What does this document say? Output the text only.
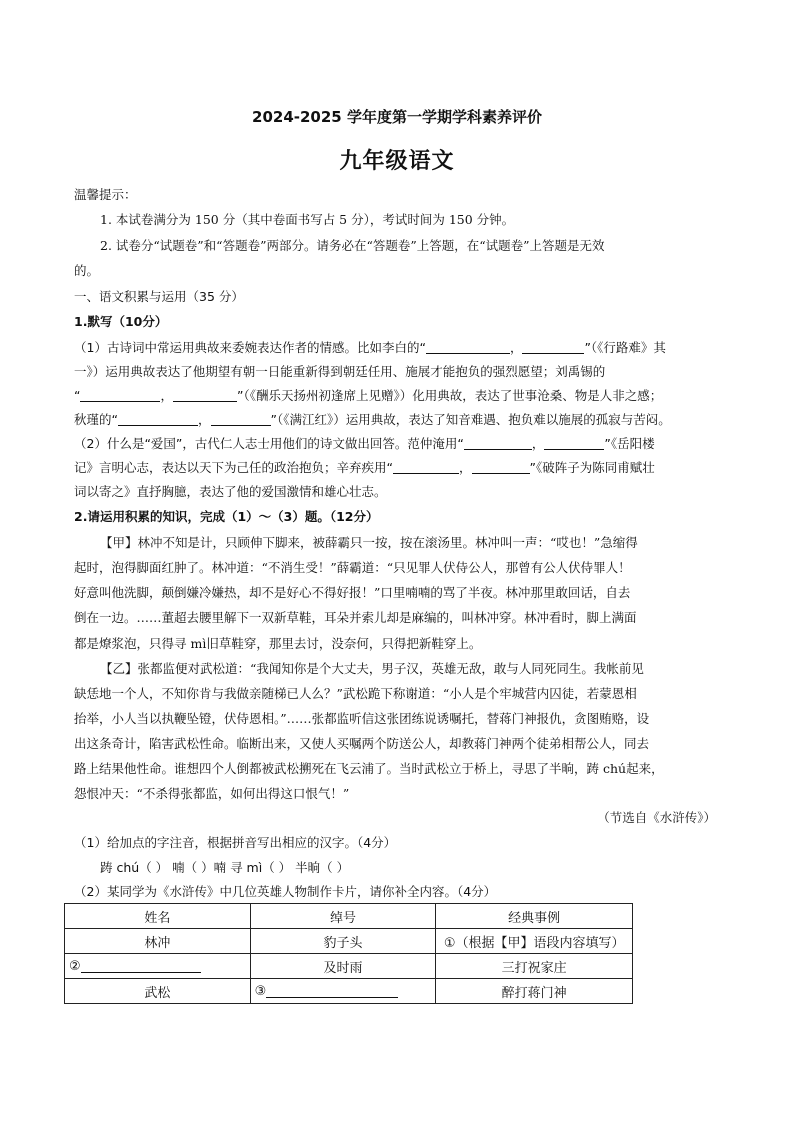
2024-2025 学年度第一学期学科素养评价
九年级语文
温馨提示：
1. 本试卷满分为 150 分（其中卷面书写占 5 分），考试时间为 150 分钟。
2. 试卷分“试题卷”和“答题卷”两部分。请务必在“答题卷”上答题，在“试题卷”上答题是无效
的。
一、语文积累与运用（35 分）
1.默写（10分）
（1）古诗词中常运用典故来委婉表达作者的情感。比如李白的“	，	”（《行路难》其
一》）运用典故表达了他期望有朝一日能重新得到朝廷任用、施展才能抱负的强烈愿望；刘禹锡的
“	，	”（《酬乐天扬州初逢席上见赠》）化用典故，表达了世事沧桑、物是人非之感；
秋瑾的“	，	”（《满江红》）运用典故，表达了知音难遇、抱负难以施展的孤寂与苦闷。
（2）什么是“爱国”，古代仁人志士用他们的诗文做出回答。范仲淹用“	，	”《岳阳楼
记》言明心志，表达以天下为己任的政治抱负；辛弃疾用“	，	”《破阵子为陈同甫赋壮
词以寄之》直抒胸臆，表达了他的爱国激情和雄心壮志。
2.请运用积累的知识，完成（1）～（3）题。（12分）
【甲】林冲不知是计，只顾伸下脚来，被薛霸只一按，按在滚汤里。林冲叫一声：“哎也！”急缩得
起时，泡得脚面红肿了。林冲道：“不消生受！”薛霸道：“只见罪人伏侍公人，那曾有公人伏侍罪人！
好意叫他洗脚，颠倒嫌冷嫌热，却不是好心不得好报！”口里喃喃的骂了半夜。林冲那里敢回话，自去
倒在一边。……董超去腰里解下一双新草鞋，耳朵并索儿却是麻编的，叫林冲穿。林冲看时，脚上满面
都是燎浆泡，只得寻 mì旧草鞋穿，那里去讨，没奈何，只得把新鞋穿上。
【乙】张都监便对武松道：“我闻知你是个大丈夫，男子汉，英雄无敌，敢与人同死同生。我帐前见
缺恁地一个人，不知你肯与我做亲随梯已人么？”武松跪下称谢道：“小人是个牢城营内囚徒，若蒙恩相
抬举，小人当以执鞭坠镫，伏侍恩相。”……张都监听信这张团练说诱嘱托，替蒋门神报仇，贪图贿赂，设
出这条奇计，陷害武松性命。临断出来，又使人买嘱两个防送公人，却教蒋门神两个徒弟相帮公人，同去
路上结果他性命。谁想四个人倒都被武松搠死在飞云浦了。当时武松立于桥上，寻思了半晌，踌 chú起来，
怨恨冲天：“不杀得张都监，如何出得这口恨气！”
（节选自《水浒传》）
（1）给加点的字注音，根据拼音写出相应的汉字。（4分）
踌 chú（ ） 喃（ ）喃 寻 mì（ ） 半晌（ ）
（2）某同学为《水浒传》中几位英雄人物制作卡片，请你补全内容。（4分）
姓名	绰号	经典事例
林冲	豹子头	①（根据【甲】语段内容填写）
②	及时雨	三打祝家庄
武松	③	醉打蒋门神
